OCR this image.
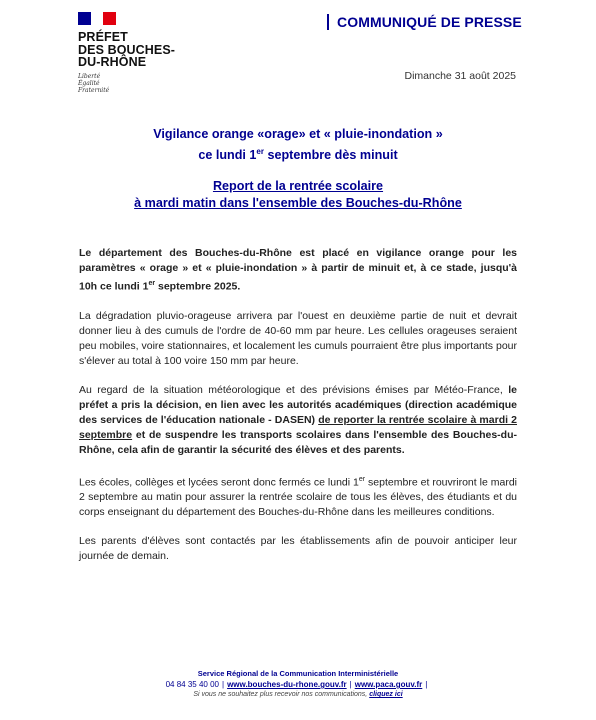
PRÉFET
DES BOUCHES-
DU-RHÔNE
Liberté
Égalité
Fraternité
COMMUNIQUÉ DE PRESSE
Dimanche 31 août 2025
Vigilance orange «orage» et « pluie-inondation »
ce lundi 1er septembre dès minuit
Report de la rentrée scolaire
à mardi matin dans l'ensemble des Bouches-du-Rhône

Le département des Bouches-du-Rhône est placé en vigilance orange pour les paramètres « orage » et « pluie-inondation » à partir de minuit et, à ce stade, jusqu'à 10h ce lundi 1er septembre 2025.

La dégradation pluvio-orageuse arrivera par l'ouest en deuxième partie de nuit et devrait donner lieu à des cumuls de l'ordre de 40-60 mm par heure. Les cellules orageuses seraient peu mobiles, voire stationnaires, et localement les cumuls pourraient être plus importants pour s'élever au total à 100 voire 150 mm par heure.

Au regard de la situation météorologique et des prévisions émises par Météo-France, le préfet a pris la décision, en lien avec les autorités académiques (direction académique des services de l'éducation nationale - DASEN) de reporter la rentrée scolaire à mardi 2 septembre et de suspendre les transports scolaires dans l'ensemble des Bouches-du-Rhône, cela afin de garantir la sécurité des élèves et des parents.

Les écoles, collèges et lycées seront donc fermés ce lundi 1er septembre et rouvriront le mardi 2 septembre au matin pour assurer la rentrée scolaire de tous les élèves, des étudiants et du corps enseignant du département des Bouches-du-Rhône dans les meilleures conditions.

Les parents d'élèves sont contactés par les établissements afin de pouvoir anticiper leur journée de demain.

Service Régional de la Communication Interministérielle
04 84 35 40 00 | www.bouches-du-rhone.gouv.fr | www.paca.gouv.fr |
Si vous ne souhaitez plus recevoir nos communications, cliquez ici
